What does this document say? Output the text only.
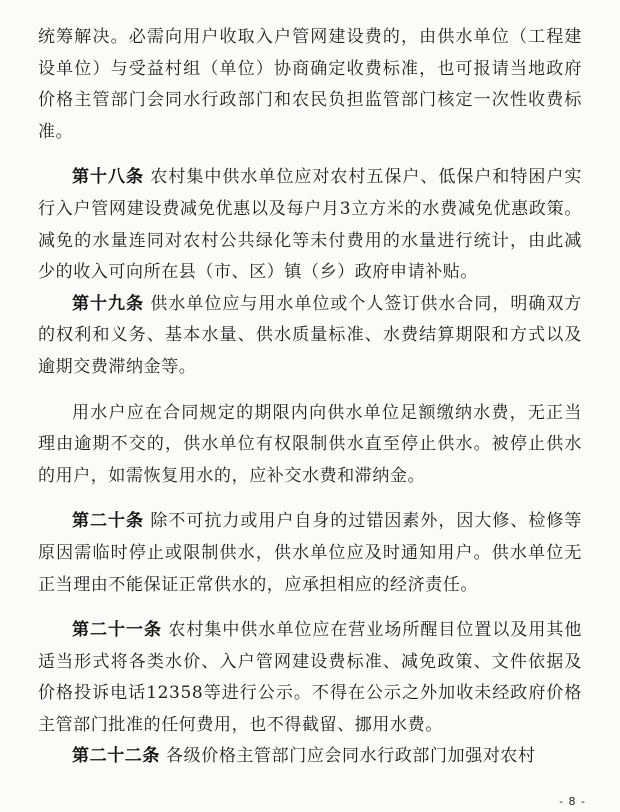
统筹解决。必需向用户收取入户管网建设费的，由供水单位（工程建设单位）与受益村组（单位）协商确定收费标准，也可报请当地政府价格主管部门会同水行政部门和农民负担监管部门核定一次性收费标准。

第十八条 农村集中供水单位应对农村五保户、低保户和特困户实行入户管网建设费减免优惠以及每户月3立方米的水费减免优惠政策。减免的水量连同对农村公共绿化等未付费用的水量进行统计，由此减少的收入可向所在县（市、区）镇（乡）政府申请补贴。

第十九条 供水单位应与用水单位或个人签订供水合同，明确双方的权利和义务、基本水量、供水质量标准、水费结算期限和方式以及逾期交费滞纳金等。

用水户应在合同规定的期限内向供水单位足额缴纳水费，无正当理由逾期不交的，供水单位有权限制供水直至停止供水。被停止供水的用户，如需恢复用水的，应补交水费和滞纳金。

第二十条 除不可抗力或用户自身的过错因素外，因大修、检修等原因需临时停止或限制供水，供水单位应及时通知用户。供水单位无正当理由不能保证正常供水的，应承担相应的经济责任。

第二十一条 农村集中供水单位应在营业场所醒目位置以及用其他适当形式将各类水价、入户管网建设费标准、减免政策、文件依据及价格投诉电话12358等进行公示。不得在公示之外加收未经政府价格主管部门批准的任何费用，也不得截留、挪用水费。

第二十二条 各级价格主管部门应会同水行政部门加强对农村

- 8 -
